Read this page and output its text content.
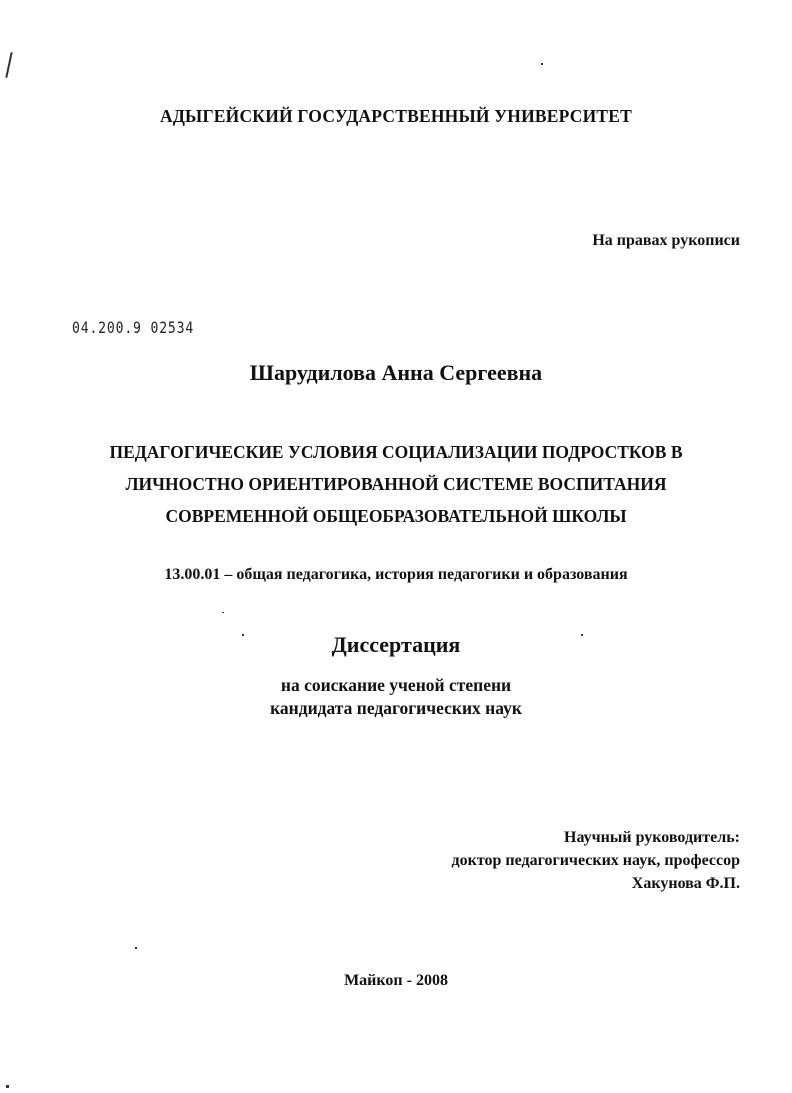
АДЫГЕЙСКИЙ ГОСУДАРСТВЕННЫЙ УНИВЕРСИТЕТ
На правах рукописи
04.200.9 02534
Шарудилова Анна Сергеевна
ПЕДАГОГИЧЕСКИЕ УСЛОВИЯ СОЦИАЛИЗАЦИИ ПОДРОСТКОВ В
ЛИЧНОСТНО ОРИЕНТИРОВАННОЙ СИСТЕМЕ ВОСПИТАНИЯ
СОВРЕМЕННОЙ ОБЩЕОБРАЗОВАТЕЛЬНОЙ ШКОЛЫ
13.00.01 – общая педагогика, история педагогики и образования
Диссертация
на соискание ученой степени
кандидата педагогических наук
Научный руководитель:
доктор педагогических наук, профессор
Хакунова Ф.П.
Майкоп - 2008
